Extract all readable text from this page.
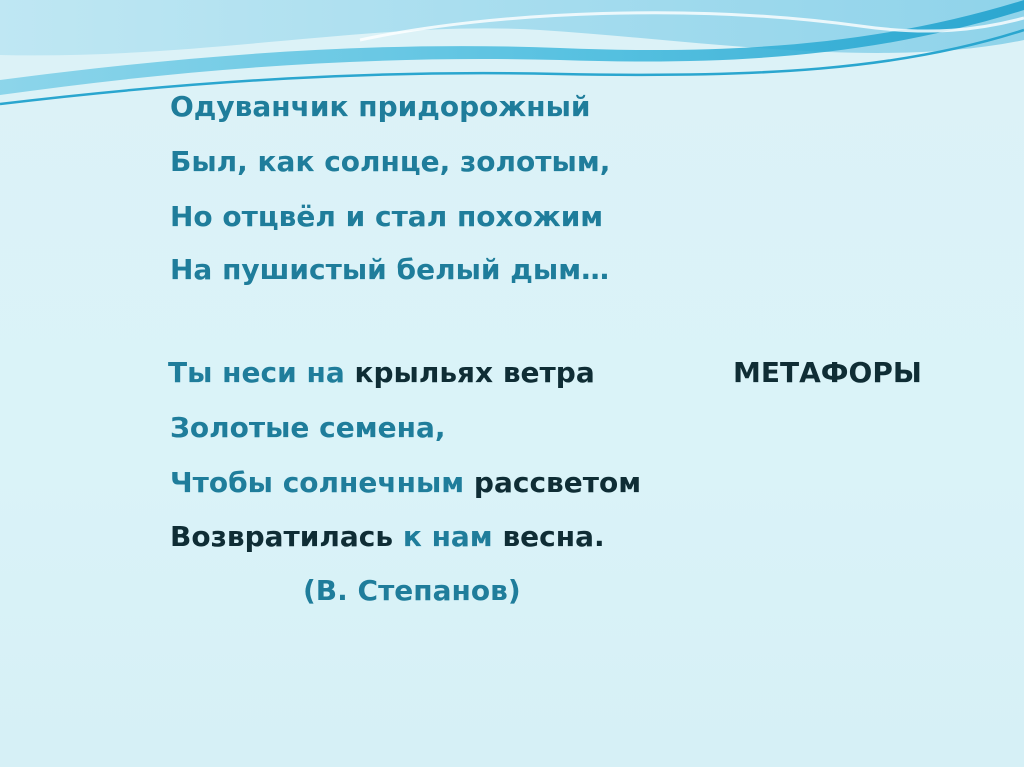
Одуванчик придорожный
Был, как солнце, золотым,
Но отцвёл и стал похожим
На пушистый белый дым…
Ты неси на крыльях ветра	МЕТАФОРЫ
Золотые семена,
Чтобы солнечным рассветом
Возвратилась к нам весна.
(В. Степанов)
